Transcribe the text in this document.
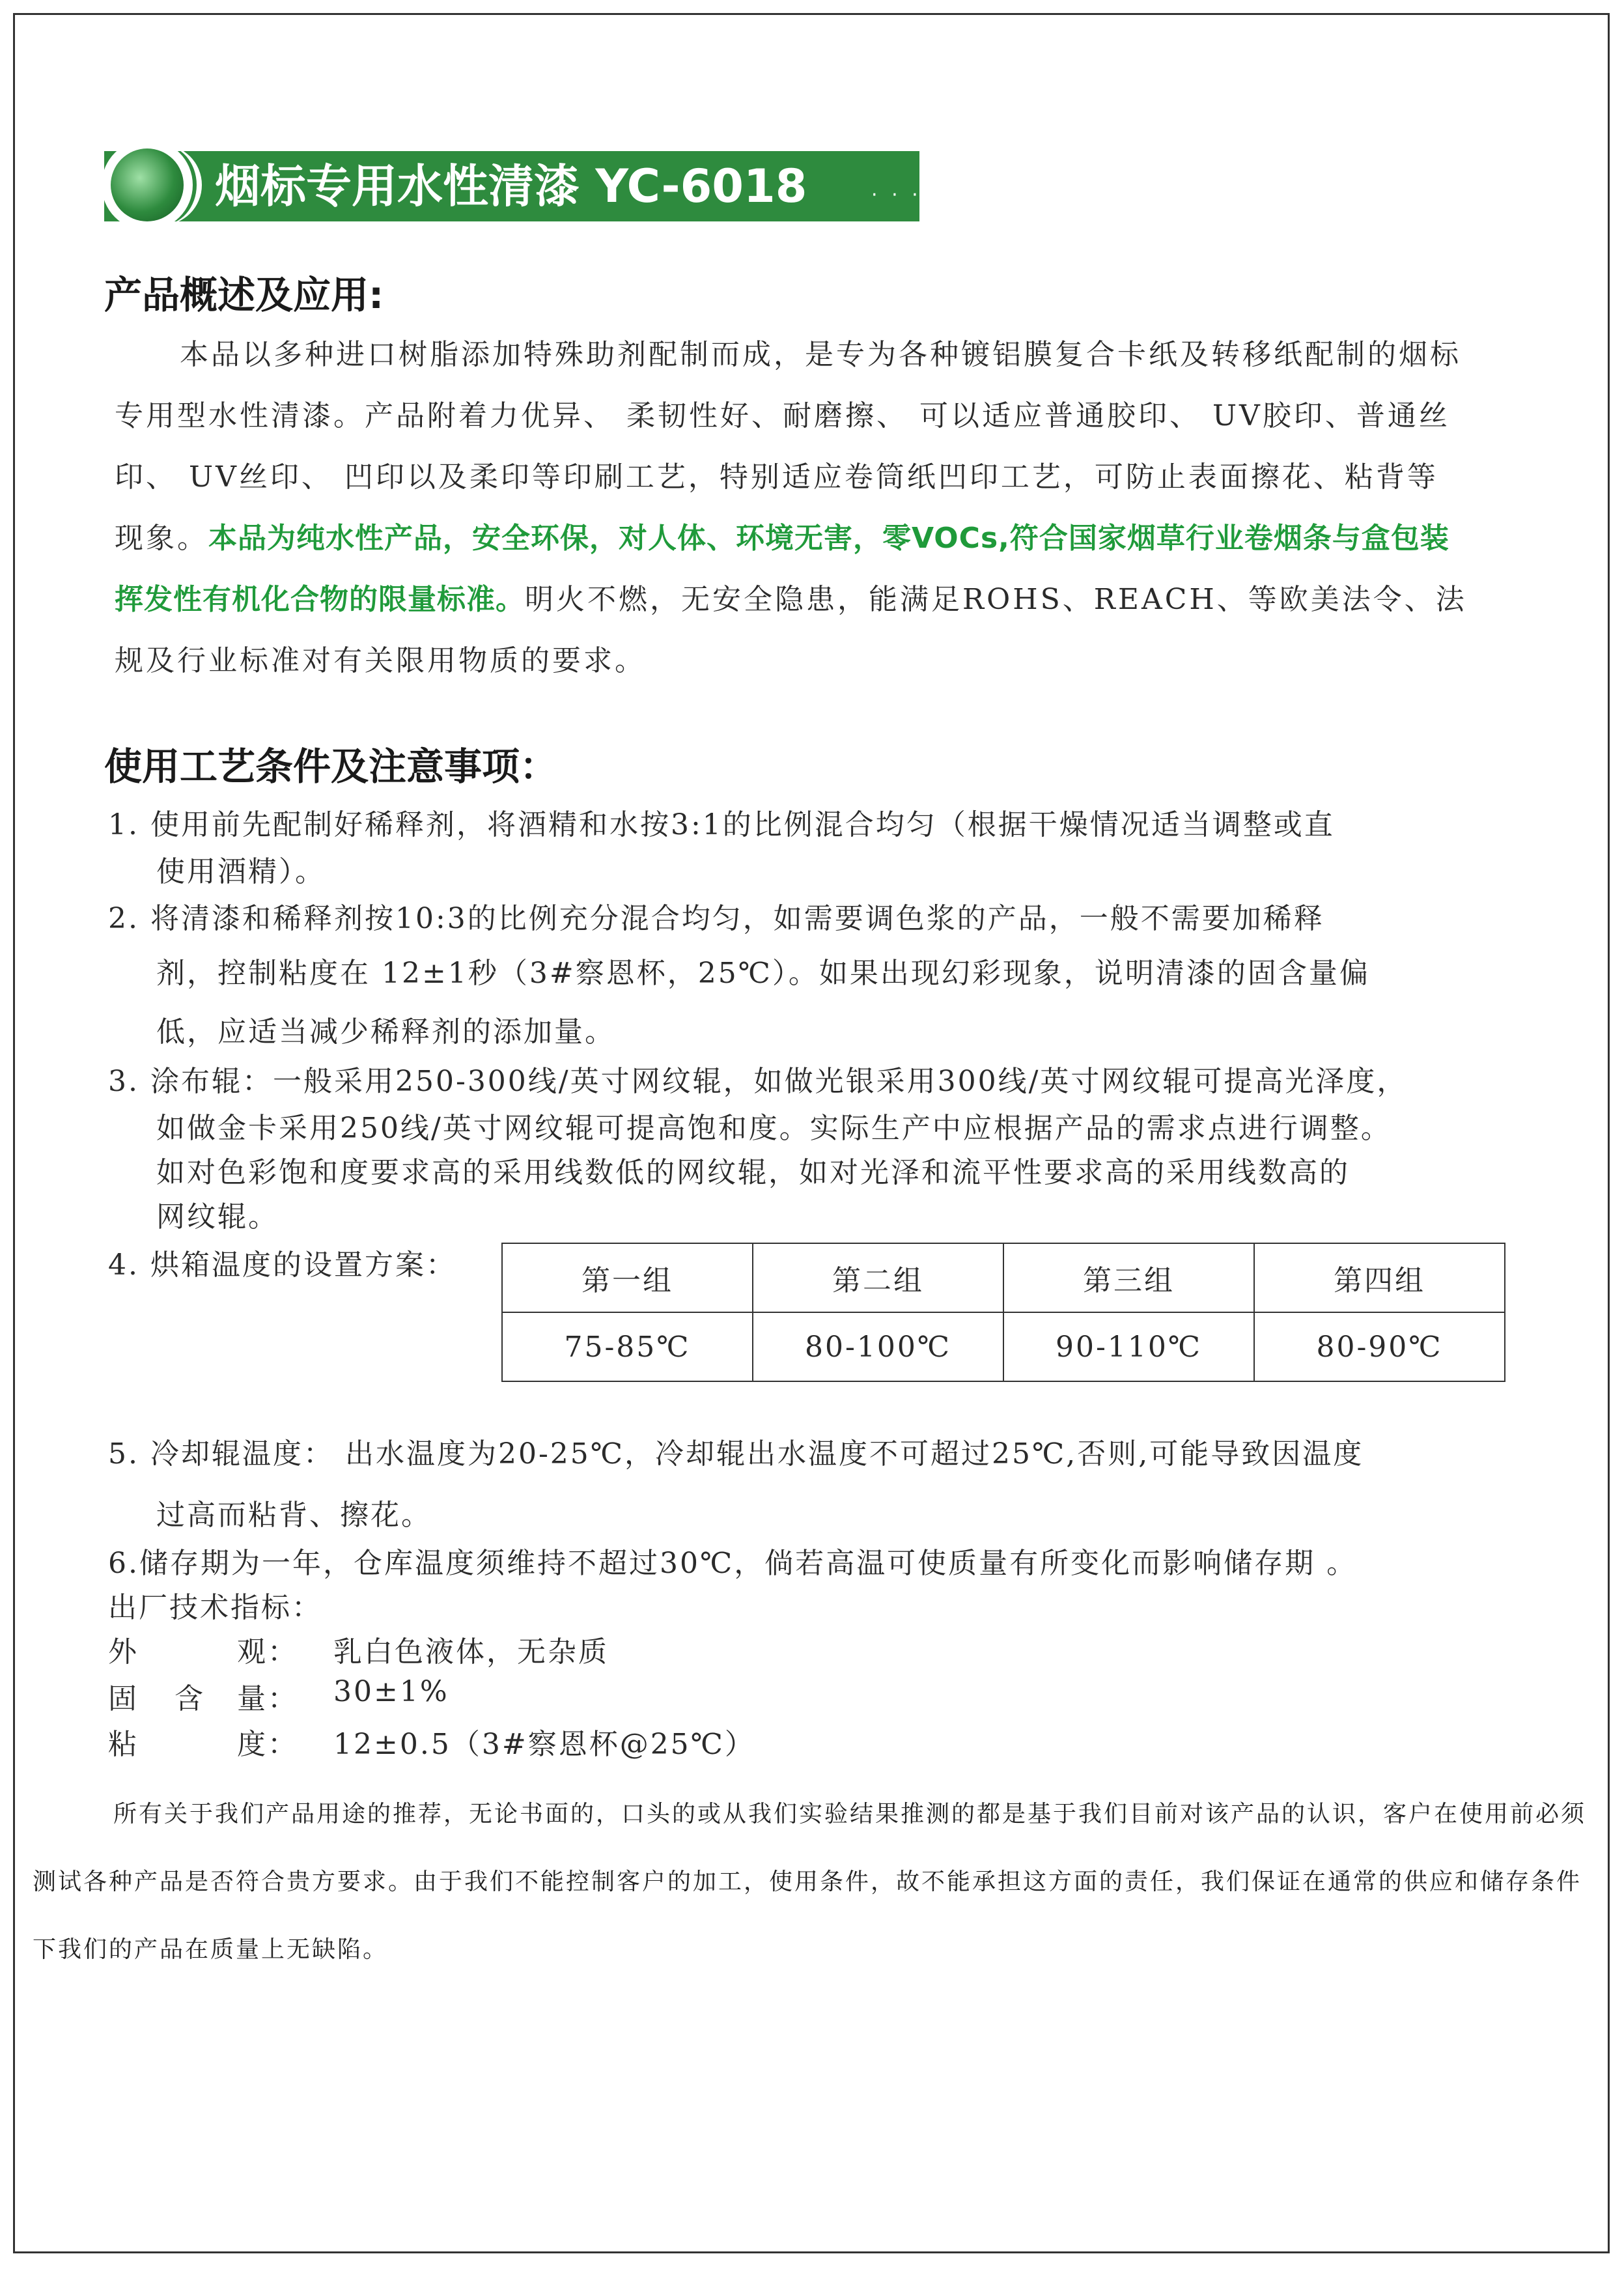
烟标专用水性清漆 YC-6018	· · ·
产品概述及应用:
本品以多种进口树脂添加特殊助剂配制而成，是专为各种镀铝膜复合卡纸及转移纸配制的烟标专用型水性清漆。产品附着力优异、 柔韧性好、耐磨擦、 可以适应普通胶印、 UV胶印、普通丝印、 UV丝印、 凹印以及柔印等印刷工艺，特别适应卷筒纸凹印工艺，可防止表面擦花、粘背等现象。本品为纯水性产品，安全环保，对人体、环境无害，零VOCs,符合国家烟草行业卷烟条与盒包装挥发性有机化合物的限量标准。明火不燃，无安全隐患，能满足ROHS、REACH、等欧美法令、法规及行业标准对有关限用物质的要求。
使用工艺条件及注意事项：
1. 使用前先配制好稀释剂，将酒精和水按3:1的比例混合均匀（根据干燥情况适当调整或直
使用酒精）。
2. 将清漆和稀释剂按10:3的比例充分混合均匀，如需要调色浆的产品，一般不需要加稀释
剂，控制粘度在 12±1秒（3#察恩杯，25℃）。如果出现幻彩现象，说明清漆的固含量偏
低，应适当减少稀释剂的添加量。
3. 涂布辊：一般采用250-300线/英寸网纹辊，如做光银采用300线/英寸网纹辊可提高光泽度，
如做金卡采用250线/英寸网纹辊可提高饱和度。实际生产中应根据产品的需求点进行调整。
如对色彩饱和度要求高的采用线数低的网纹辊，如对光泽和流平性要求高的采用线数高的
网纹辊。
4. 烘箱温度的设置方案：	第一组	第二组	第三组	第四组
75-85℃	80-100℃	90-110℃	80-90℃
5. 冷却辊温度： 出水温度为20-25℃，冷却辊出水温度不可超过25℃,否则,可能导致因温度
过高而粘背、擦花。
6.储存期为一年，仓库温度须维持不超过30℃，倘若高温可使质量有所变化而影响储存期 。
出厂技术指标：
外	观： 乳白色液体，无杂质
固 含 量： 30±1%
粘	度： 12±0.5（3#察恩杯@25℃）
所有关于我们产品用途的推荐，无论书面的，口头的或从我们实验结果推测的都是基于我们目前对该产品的认识，客户在使用前必须测试各种产品是否符合贵方要求。由于我们不能控制客户的加工，使用条件，故不能承担这方面的责任，我们保证在通常的供应和储存条件下我们的产品在质量上无缺陷。
